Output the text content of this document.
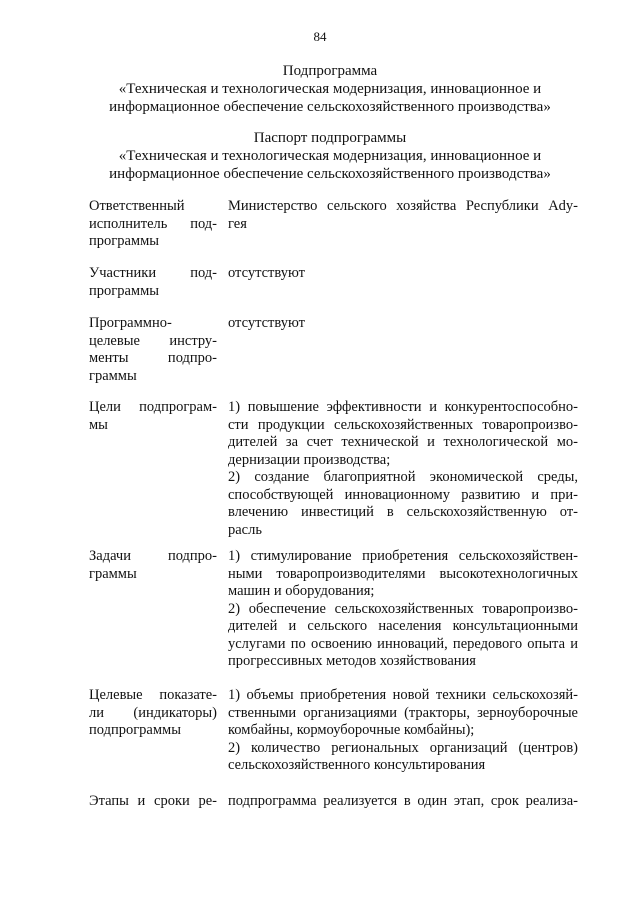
84
Подпрограмма
«Техническая и технологическая модернизация, инновационное и
информационное обеспечение сельскохозяйственного производства»
Паспорт подпрограммы
«Техническая и технологическая модернизация, инновационное и
информационное обеспечение сельскохозяйственного производства»
Ответственный
исполнитель под-
программы
Министерство сельского хозяйства Республики Ady-
гея
Участники под-
программы
отсутствуют
Программно-
целевые инстру-
менты подпро-
граммы
отсутствуют
Цели подпрограм-
мы
1) повышение эффективности и конкурентоспособно-
сти продукции сельскохозяйственных товаропроизво-
дителей за счет технической и технологической мо-
дернизации производства;
2) создание благоприятной экономической среды,
способствующей инновационному развитию и при-
влечению инвестиций в сельскохозяйственную от-
расль
Задачи подпро-
граммы
1) стимулирование приобретения сельскохозяйствен-
ными товаропроизводителями высокотехнологичных
машин и оборудования;
2) обеспечение сельскохозяйственных товаропроизво-
дителей и сельского населения консультационными
услугами по освоению инноваций, передового опыта и
прогрессивных методов хозяйствования
Целевые показате-
ли (индикаторы)
подпрограммы
1) объемы приобретения новой техники сельскохозяй-
ственными организациями (тракторы, зерноуборочные
комбайны, кормоуборочные комбайны);
2) количество региональных организаций (центров)
сельскохозяйственного консультирования
Этапы и сроки ре- подпрограмма реализуется в один этап, срок реализа-
